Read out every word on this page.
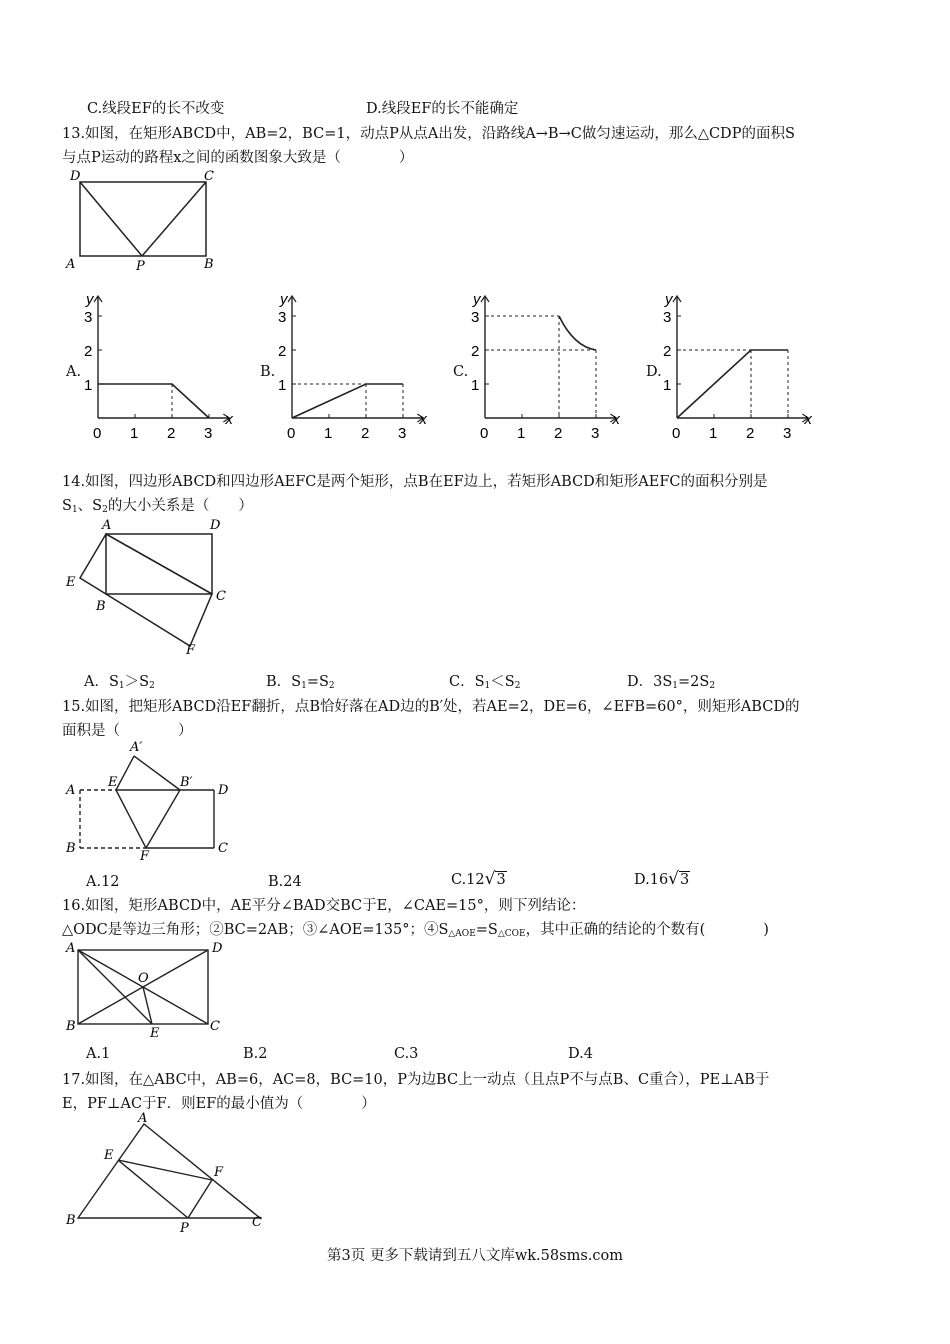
C.线段EF的长不改变	D.线段EF的长不能确定
13.如图，在矩形ABCD中，AB=2，BC=1，动点P从点A出发，沿路线A→B→C做匀速运动，那么△CDP的面积S
与点P运动的路程x之间的函数图象大致是（　　　　）
D	C
A	P	B
A.	B.	C.	D.
x
y
0 1 2 3
1
2
3
x
y
0 1 2 3
1
2
3
x
y
0 1 2 3
1
2
3
x
y
0 1 2 3
1
2
3
14.如图，四边形ABCD和四边形AEFC是两个矩形，点B在EF边上，若矩形ABCD和矩形AEFC的面积分别是
$S_1$、$S_2$的大小关系是（　　）
A	D
E
B
C
F
A．$S_1>S_2$	B．$S_1=S_2$	C．$S_1<S_2$	D．$3S_1=2S_2$
15.如图，把矩形ABCD沿EF翻折，点B恰好落在AD边的B′处，若AE=2，DE=6，∠EFB=60°，则矩形ABCD的
面积是（　　　　）
A′
E	B′
A	D
B
F
C
A.12	B.24	C.12√3	D.16√3
16.如图，矩形ABCD中，AE平分∠BAD交BC于E，∠CAE=15°，则下列结论：
△ODC是等边三角形；②BC=2AB；③∠AOE=135°；$④S_{\triangle AOE}=S_{\triangle COE}$，其中正确的结论的个数有(　　　　)
A	D
O
B	E	C
A.1	B.2	C.3	D.4
17.如图，在△ABC中，AB=6，AC=8，BC=10，P为边BC上一动点（且点P不与点B、C重合），PE⊥AB于
E，PF⊥AC于F．则EF的最小值为（　　　　）
A
E
F
B
P	C
第3页 更多下载请到五八文库wk.58sms.com
